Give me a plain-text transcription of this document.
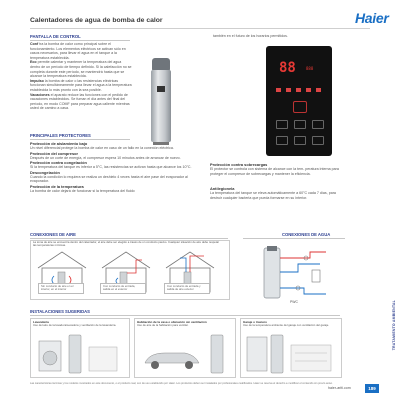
Calentadores de agua de bomba de calor	Haier
PANTALLA DE CONTROL
Conf tra la bomba de calor como principal sobre el funcionamiento. Los elementos eléctricos se activan sólo en casos necesarios, para llevar el agua en el tanque a la temperatura establecida.
Eco permite calentar y mantener la temperatura del agua dentro de un período de tiempo definido. Si la calefacción no se completa durante este período, se mantendrá hasta que se alcance la temperatura establecida.
Impulso la bomba de calor o las resistencias eléctricas funcionan simultáneamente para llevar el agua a la temperatura establecida lo más pronto con la sea posible.
Vacaciones el aparato reduce las funciones con el pedido de vacaciones establecidos. Se fuman el día antes del final del período, en modo COMF para preparar agua caliente mientras usted de camino a casa.
también en el futuro de los horarios permitidos.
88	888
PRINCIPALES PROTECTORES
Protección de aislamiento bajo
Un nivel diferencial protege la bomba de calor en caso de un fallo en la conexión eléctrica.
Protección del compresor
Después de un corte de energía, el compresor espera 10 minutos antes de arrancar de nuevo.
Protección contra congelación
Si la temperatura del tanque es inferior a 5°C, las resistencias se activan hasta que alcance los 10°C.
Descongelación
Cuando la condición lo requiera se realiza un deshielo 4 veces hasta el aire pase del evaporador al evaporador.
Protección de la temperatura
La bomba de calor dejará de funcionar si la temperatura del fluido
Protección contra sobrecargas
El protector se controla con sistema de alcance con la tem- peratura interna para proteger el compresor de sobrecargas y mantener la eficiencia.
Antilegionela
La temperatura del tanque se eleva automáticamente a 60°C cada 7 días, para destruir cualquier bacteria que pueda formarse en su interior.
CONEXIONES DE AIRE
La toma de aire se encuentra dentro del calentador, el aire debe ser elegido a través de un conducto pasivo. Cualquier situación de aire debe respetar las temperaturas mínimas.
Sin conducto de aire en el interior, en el interior
Con conducto de entrada, salida en el exterior
Con conducto de entrada y salida de aire exterior
CONEXIONES DE AGUA
PWC
INSTALACIONES SUGERIDAS
Lavandería
Uso del aire de la lavadora/secadora y ventilación de la lavandería.
Habitación de la casa o ubicación sin ventilación
Uso de aire de la habitación para ventilar.
Garaje o trastero
Uso de la temperatura ambiente del garaje con ventilación del garaje.	TRATAMIENTO AMBIENTAL
Las características técnicas y los modelos mostrados en este documento, o el producto real, son de uso establecido por Haier. Los productos deben ser instalados por profesionales cualificados. Haier se reserva el derecho a modificar el contenido sin previo aviso.
haier-ariti.com	189
